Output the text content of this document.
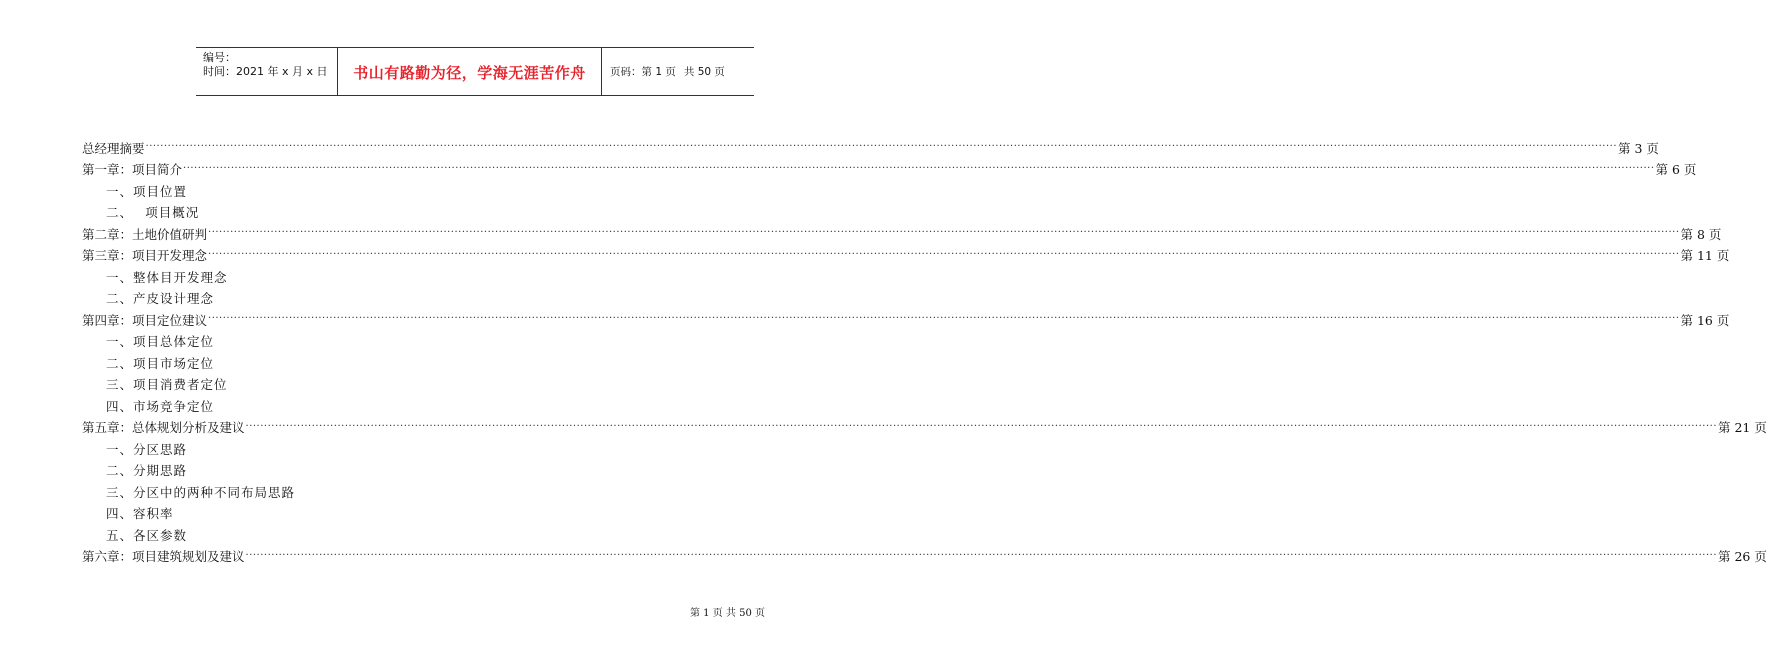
编号：
时间：2021 年 x 月 x 日	书山有路勤为径，学海无涯苦作舟 页码：第 1 页 共 50 页
总经理摘要 ················································································································································································································································································································································································································ 第 3 页
第一章：项目简介 ················································································································································································································································································································································································································ 第 6 页
一、项目位置
二、　 项目概况
第二章：土地价值研判 ················································································································································································································································································································································································································ 第 8 页
第三章：项目开发理念 ················································································································································································································································································································································································································ 第 11 页
一、整体目开发理念
二、产皮设计理念
第四章：项目定位建议 ················································································································································································································································································································································································································ 第 16 页
一、项目总体定位
二、项目市场定位
三、项目消费者定位
四、市场竞争定位
第五章：总体规划分析及建议 ················································································································································································································································································································································································································ 第 21 页
一、分区思路
二、分期思路
三、分区中的两种不同布局思路
四、容积率
五、各区参数
第六章：项目建筑规划及建议 ················································································································································································································································································································································································································ 第 26 页
第 1 页 共 50 页
